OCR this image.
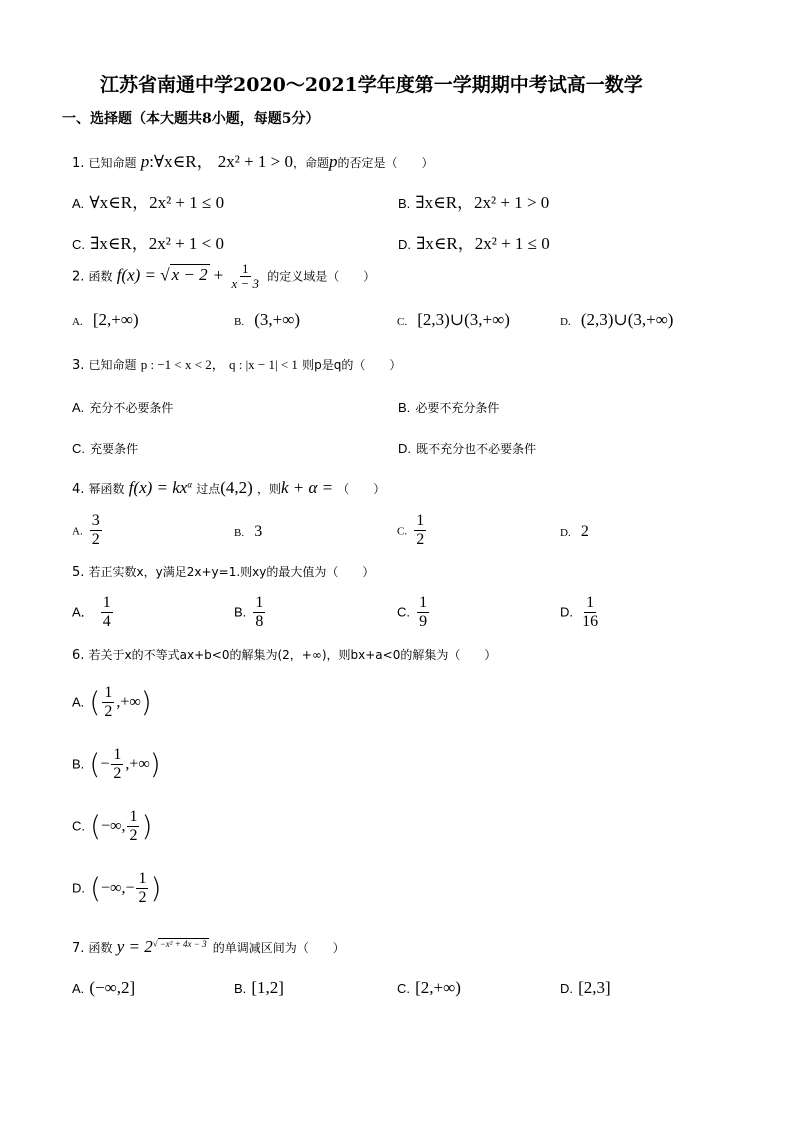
江苏省南通中学2020～2021学年度第一学期期中考试高一数学
一、选择题（本大题共8小题，每题5分）
1. 已知命题 p:∀x∈R， 2x² + 1 > 0，命题p的否定是（　　）
A. ∀x∈R，2x² + 1 ≤ 0	B. ∃x∈R，2x² + 1 > 0
C. ∃x∈R，2x² + 1 < 0	D. ∃x∈R，2x² + 1 ≤ 0
2. 函数 f(x) = √ $x - 2 + \frac{1}{x - 3}$ 的定义域是（　　）
A. [2,+∞)	B. (3,+∞)	C. [2,3)∪(3,+∞)	D. (2,3)∪(3,+∞)
3. 已知命题 p : −1 < x < 2， q : |x − 1| < 1 则p是q的（　　）
A. 充分不必要条件	B. 必要不充分条件
C. 充要条件	D. 既不充分也不必要条件
4. 幂函数 $f(x) = kx^\alpha$ 过点(4,2) ，则k + α = （　　）
A. $\frac{3}{2}$	B. 3	C. $\frac{1}{2}$	D. 2
5. 若正实数x，y满足2x+y=1.则xy的最大值为（　　）
A． $\frac{1}{4}$	B. $\frac{1}{8}$	C. $\frac{1}{9}$	D. $\frac{1}{16}$
6. 若关于x的不等式ax+b<0的解集为(2，+∞)，则bx+a<0的解集为（　　）
A. ( $\frac{1}{2}$ ,+∞)
B. (− $\frac{1}{2}$ ,+∞)
C. (−∞, $\frac{1}{2}$ )
D. (−∞,− $\frac{1}{2}$ )
7. 函数 $y = 2^{√ -x^2 + 4x - 3}$ 的单调减区间为（　　）
A. (−∞,2]	B. [1,2]	C. [2,+∞)	D. [2,3]
